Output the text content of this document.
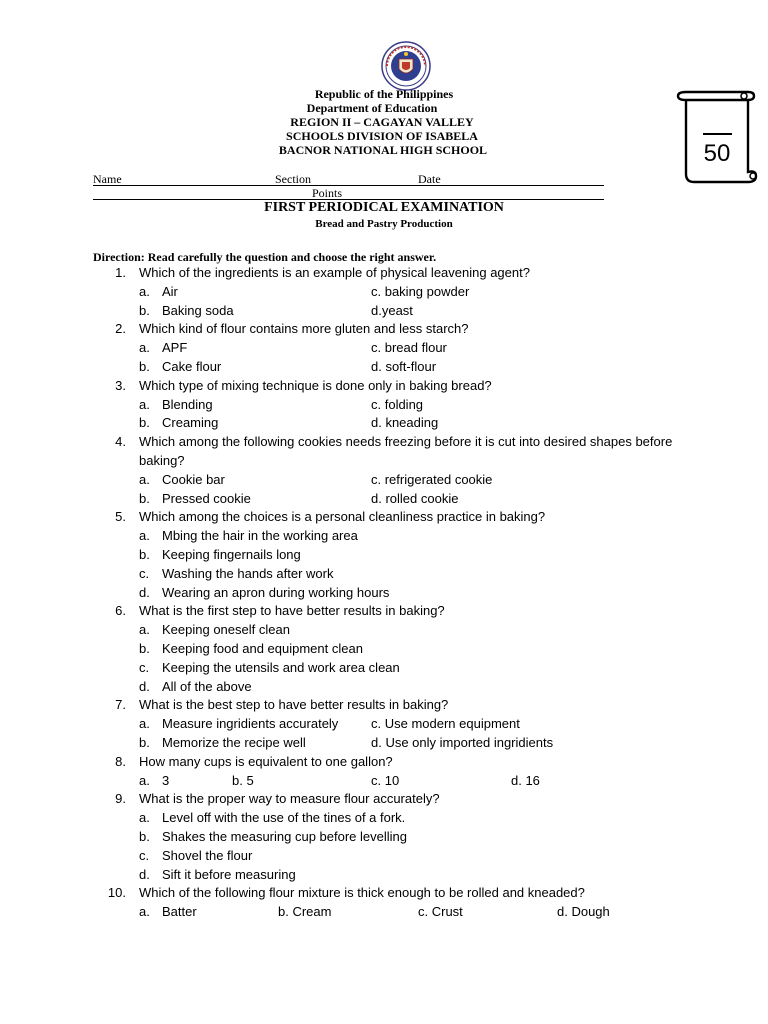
Republic of the Philippines
Department of Education
REGION II – CAGAYAN VALLEY
SCHOOLS DIVISION OF ISABELA
BACNOR NATIONAL HIGH SCHOOL	50
Name	Section	Date
Points
FIRST PERIODICAL EXAMINATION
Bread and Pastry Production
Direction: Read carefully the question and choose the right answer.
1. Which of the ingredients is an example of physical leavening agent?
a. Air	c. baking powder
b. Baking soda	d.yeast
2. Which kind of flour contains more gluten and less starch?
a. APF	c. bread flour
b. Cake flour	d. soft-flour
3. Which type of mixing technique is done only in baking bread?
a. Blending	c. folding
b. Creaming	d. kneading
4. Which among the following cookies needs freezing before it is cut into desired shapes before
baking?
a. Cookie bar	c. refrigerated cookie
b. Pressed cookie	d. rolled cookie
5. Which among the choices is a personal cleanliness practice in baking?
a. Mbing the hair in the working area
b. Keeping fingernails long
c. Washing the hands after work
d. Wearing an apron during working hours
6. What is the first step to have better results in baking?
a. Keeping oneself clean
b. Keeping food and equipment clean
c. Keeping the utensils and work area clean
d. All of the above
7. What is the best step to have better results in baking?
a. Measure ingridients accurately	c. Use modern equipment
b. Memorize the recipe well	d. Use only imported ingridients
8. How many cups is equivalent to one gallon?
a. 3	b. 5	c. 10	d. 16
9. What is the proper way to measure flour accurately?
a. Level off with the use of the tines of a fork.
b. Shakes the measuring cup before levelling
c. Shovel the flour
d. Sift it before measuring
10. Which of the following flour mixture is thick enough to be rolled and kneaded?
a. Batter	b. Cream	c. Crust	d. Dough
